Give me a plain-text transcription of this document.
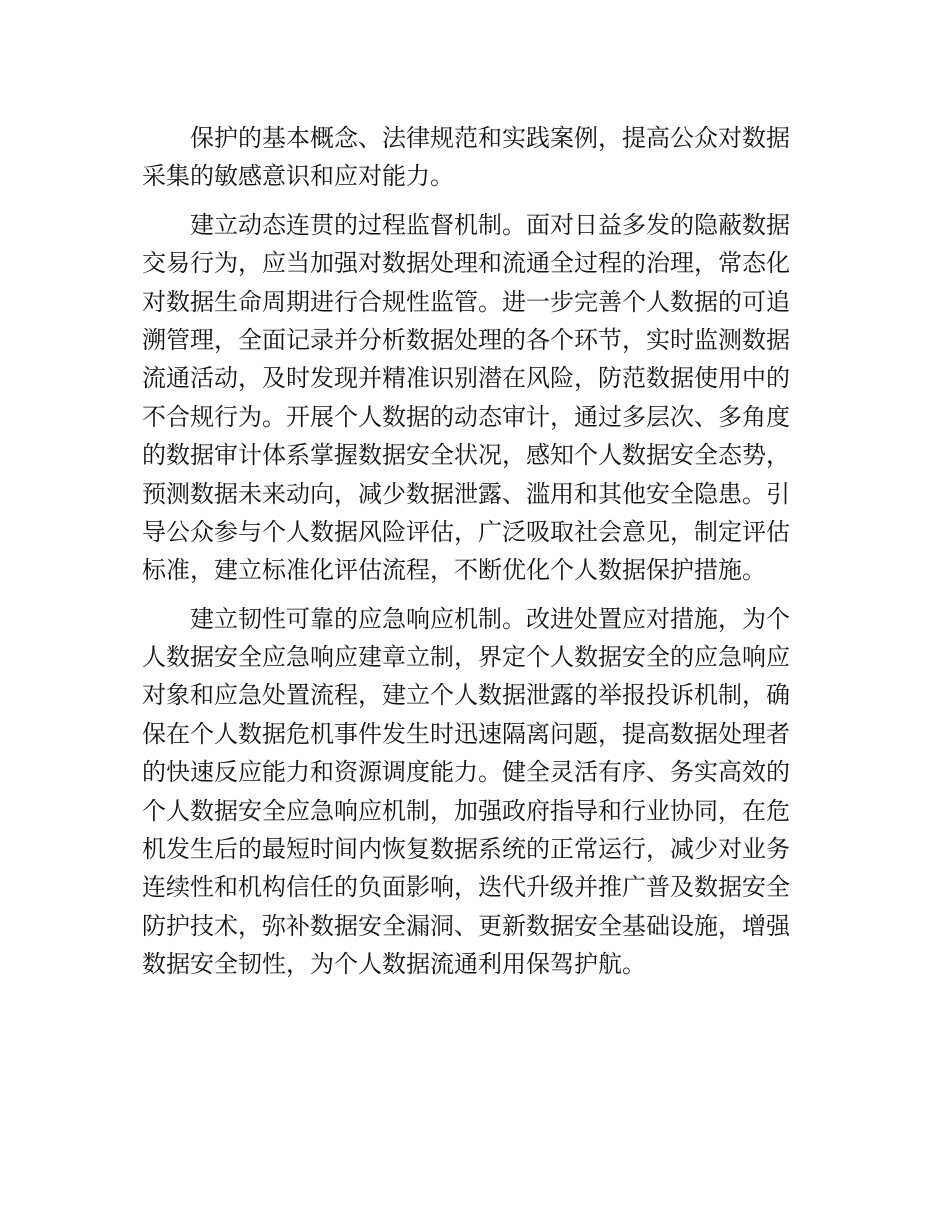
保护的基本概念、法律规范和实践案例，提高公众对数据
采集的敏感意识和应对能力。

建立动态连贯的过程监督机制。面对日益多发的隐蔽数据
交易行为，应当加强对数据处理和流通全过程的治理，常态化
对数据生命周期进行合规性监管。进一步完善个人数据的可追
溯管理，全面记录并分析数据处理的各个环节，实时监测数据
流通活动，及时发现并精准识别潜在风险，防范数据使用中的
不合规行为。开展个人数据的动态审计，通过多层次、多角度
的数据审计体系掌握数据安全状况，感知个人数据安全态势，
预测数据未来动向，减少数据泄露、滥用和其他安全隐患。引
导公众参与个人数据风险评估，广泛吸取社会意见，制定评估
标准，建立标准化评估流程，不断优化个人数据保护措施。

建立韧性可靠的应急响应机制。改进处置应对措施，为个
人数据安全应急响应建章立制，界定个人数据安全的应急响应
对象和应急处置流程，建立个人数据泄露的举报投诉机制，确
保在个人数据危机事件发生时迅速隔离问题，提高数据处理者
的快速反应能力和资源调度能力。健全灵活有序、务实高效的
个人数据安全应急响应机制，加强政府指导和行业协同，在危
机发生后的最短时间内恢复数据系统的正常运行，减少对业务
连续性和机构信任的负面影响，迭代升级并推广普及数据安全
防护技术，弥补数据安全漏洞、更新数据安全基础设施，增强
数据安全韧性，为个人数据流通利用保驾护航。
